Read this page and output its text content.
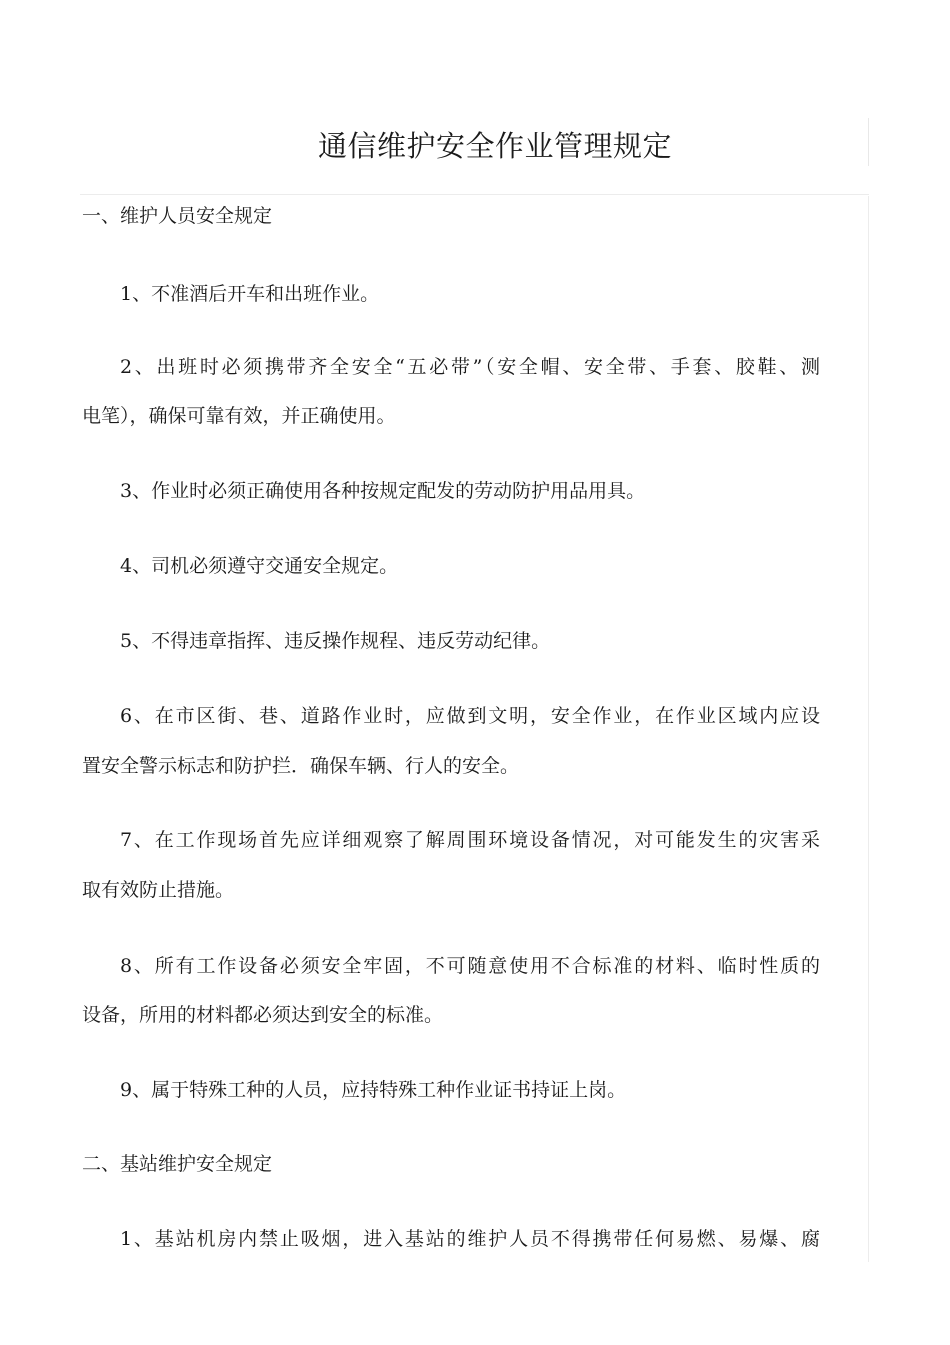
通信维护安全作业管理规定
一、维护人员安全规定
1、不准酒后开车和出班作业。
2、出班时必须携带齐全安全“五必带”（安全帽、安全带、手套、胶鞋、测
电笔），确保可靠有效，并正确使用。
3、作业时必须正确使用各种按规定配发的劳动防护用品用具。
4、司机必须遵守交通安全规定。
5、不得违章指挥、违反操作规程、违反劳动纪律。
6、在市区街、巷、道路作业时，应做到文明，安全作业，在作业区域内应设
置安全警示标志和防护拦．确保车辆、行人的安全。
7、在工作现场首先应详细观察了解周围环境设备情况，对可能发生的灾害采
取有效防止措施。
8、所有工作设备必须安全牢固，不可随意使用不合标准的材料、临时性质的
设备，所用的材料都必须达到安全的标准。
9、属于特殊工种的人员，应持特殊工种作业证书持证上岗。
二、基站维护安全规定
1、基站机房内禁止吸烟，进入基站的维护人员不得携带任何易燃、易爆、腐
